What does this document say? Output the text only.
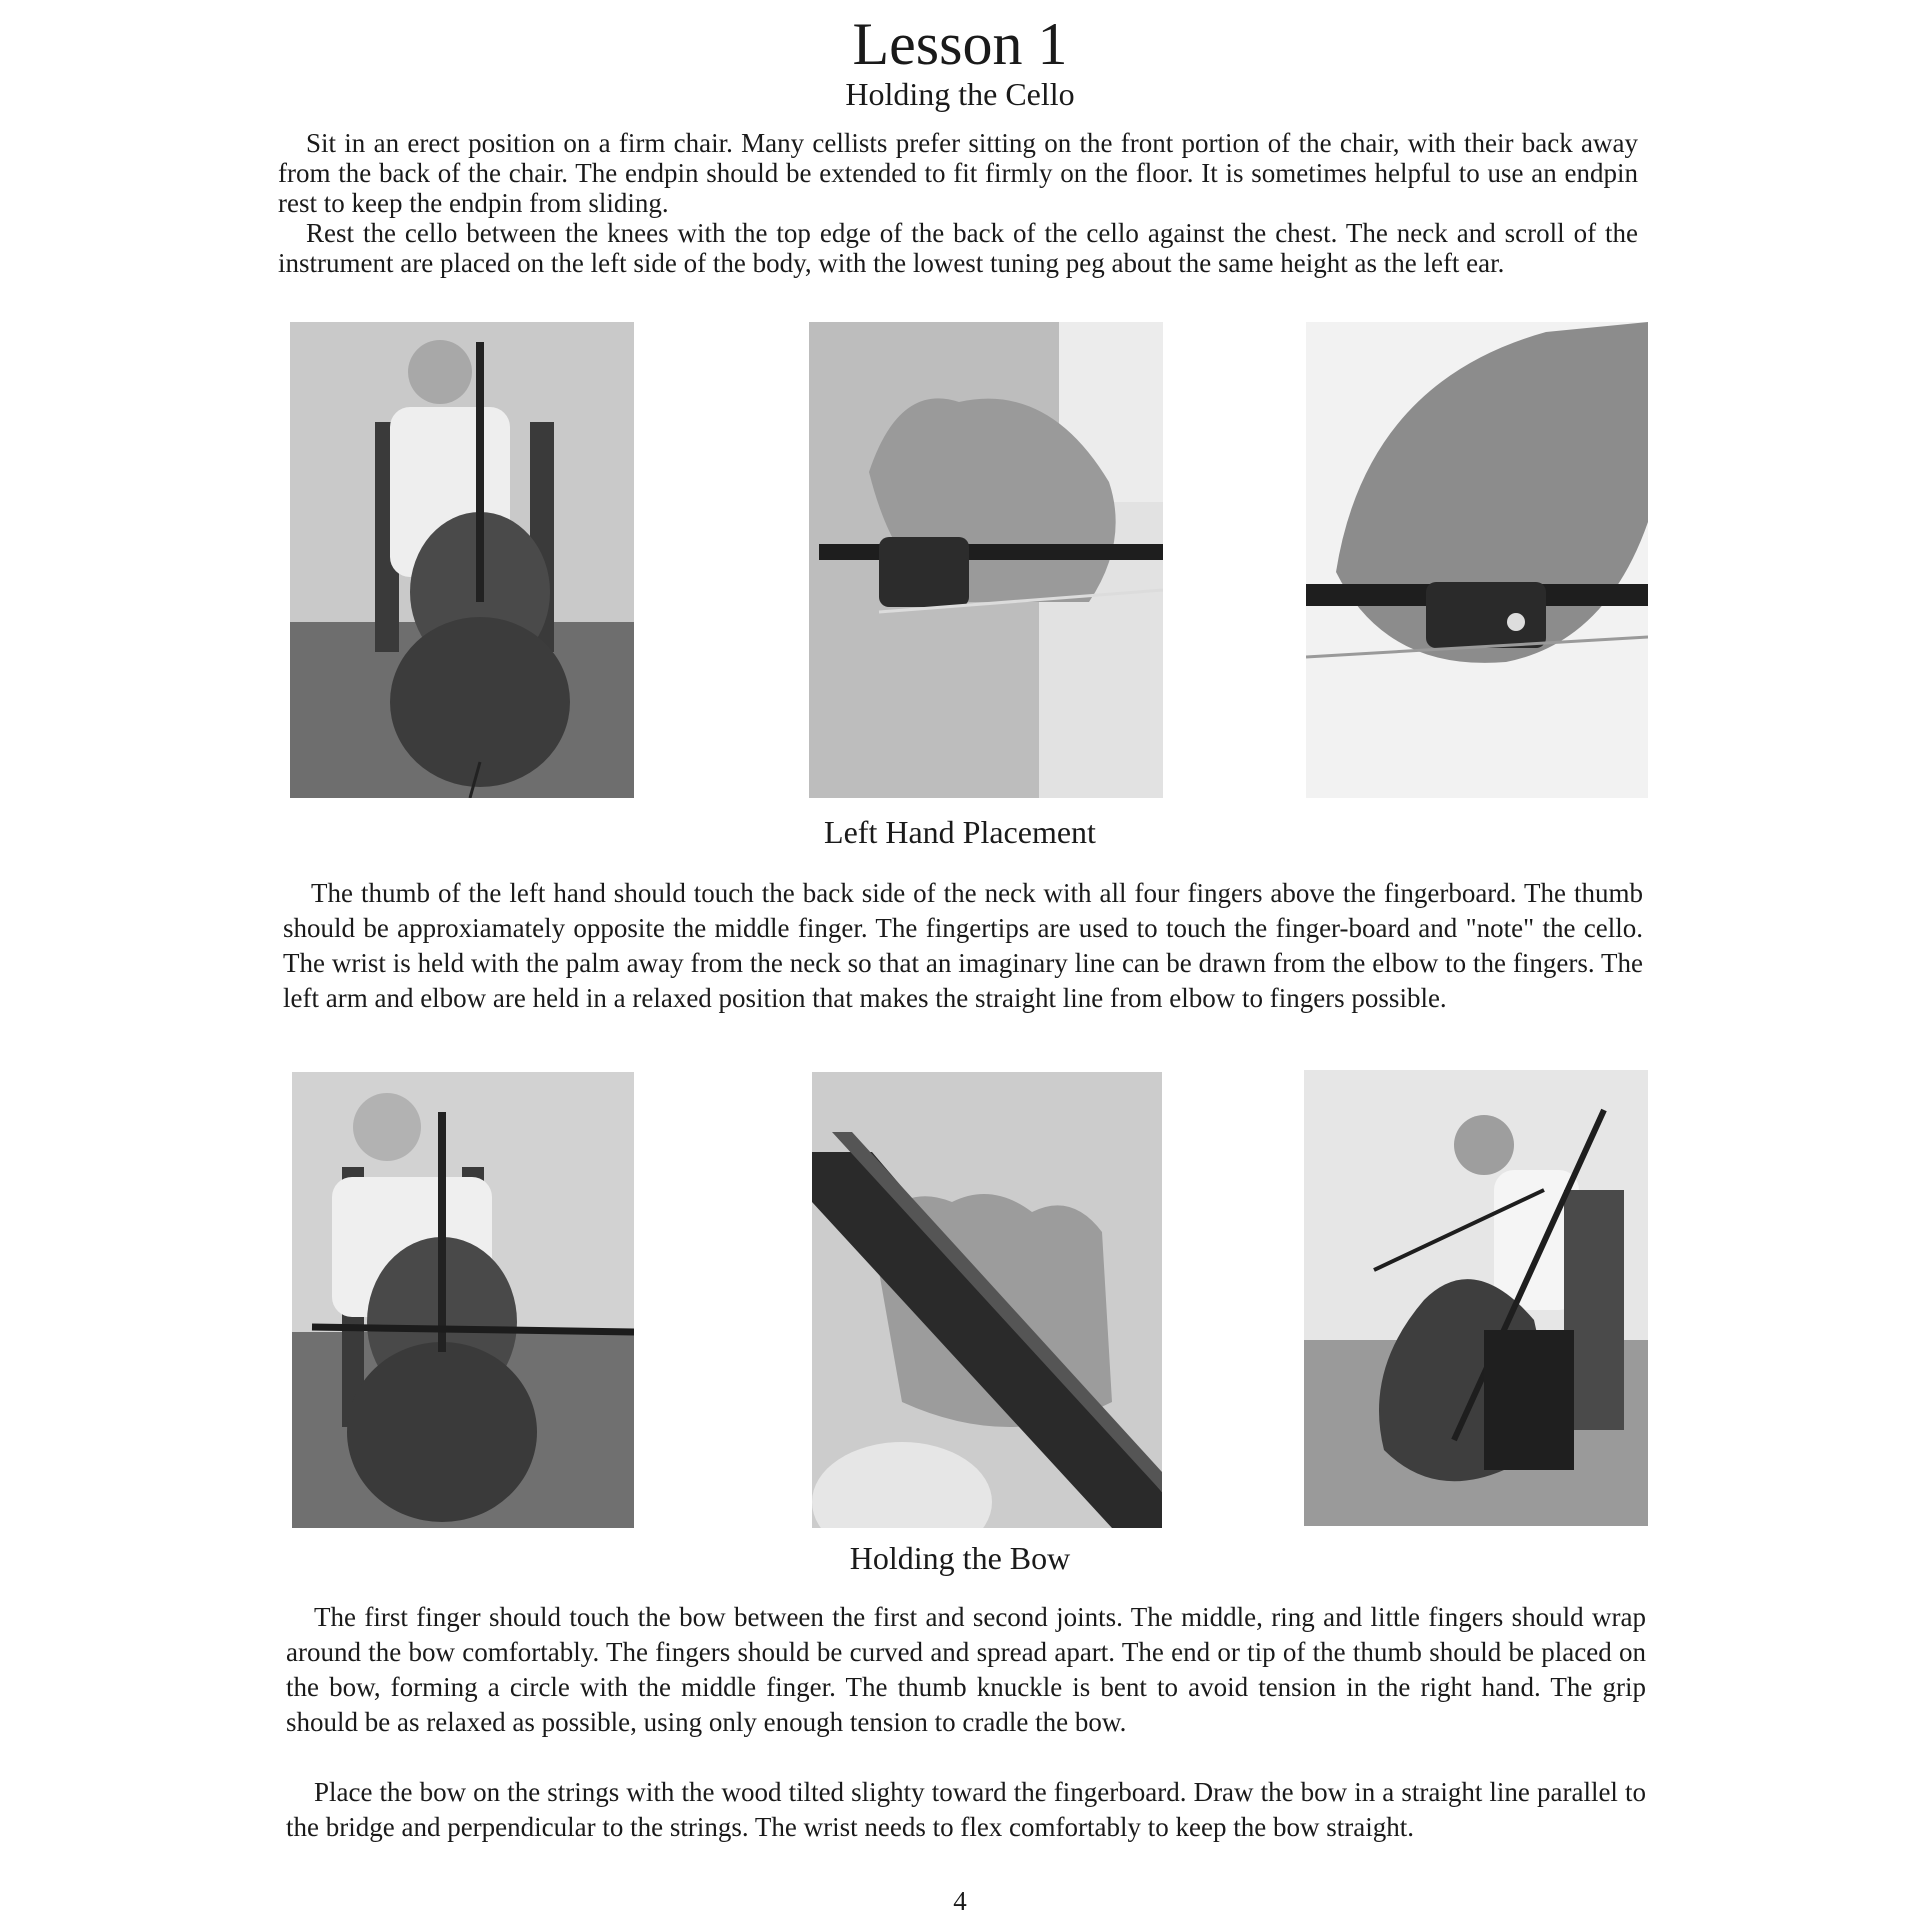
Lesson 1
Holding the Cello
Sit in an erect position on a firm chair. Many cellists prefer sitting on the front portion of the chair, with their back away from the back of the chair. The endpin should be extended to fit firmly on the floor. It is sometimes helpful to use an endpin rest to keep the endpin from sliding.
Rest the cello between the knees with the top edge of the back of the cello against the chest. The neck and scroll of the instrument are placed on the left side of the body, with the lowest tuning peg about the same height as the left ear.
Left Hand Placement
The thumb of the left hand should touch the back side of the neck with all four fingers above the fingerboard. The thumb should be approxiamately opposite the middle finger. The fingertips are used to touch the finger-board and "note" the cello. The wrist is held with the palm away from the neck so that an imaginary line can be drawn from the elbow to the fingers. The left arm and elbow are held in a relaxed position that makes the straight line from elbow to fingers possible.
Holding the Bow
The first finger should touch the bow between the first and second joints. The middle, ring and little fingers should wrap around the bow comfortably. The fingers should be curved and spread apart. The end or tip of the thumb should be placed on the bow, forming a circle with the middle finger. The thumb knuckle is bent to avoid tension in the right hand. The grip should be as relaxed as possible, using only enough tension to cradle the bow.
Place the bow on the strings with the wood tilted slighty toward the fingerboard. Draw the bow in a straight line parallel to the bridge and perpendicular to the strings. The wrist needs to flex comfortably to keep the bow straight.
4
